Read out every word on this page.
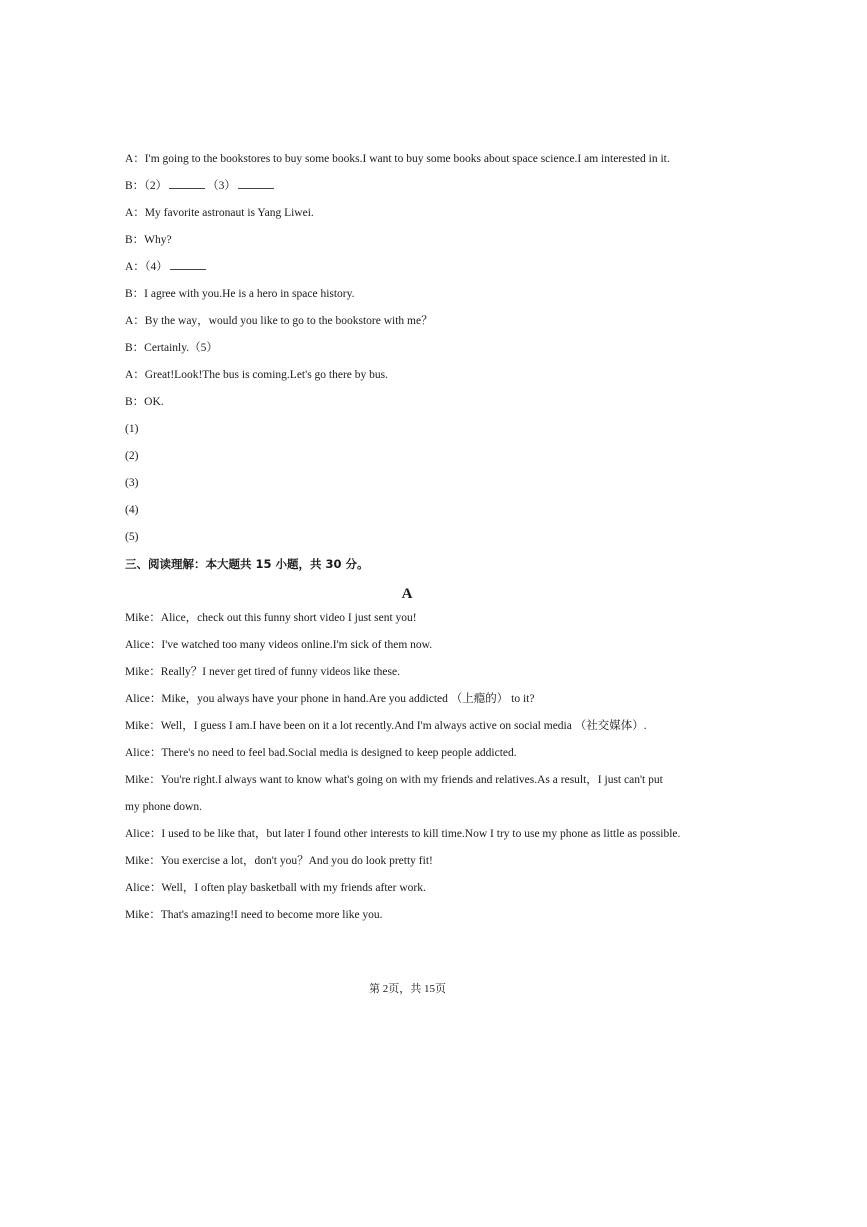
A：I'm going to the bookstores to buy some books.I want to buy some books about space science.I am interested in it.
B：（2）	（3）
A：My favorite astronaut is Yang Liwei.
B：Why?
A：（4）
B：I agree with you.He is a hero in space history.
A：By the way，would you like to go to the bookstore with me？
B：Certainly.（5）
A：Great!Look!The bus is coming.Let's go there by bus.
B：OK.
(1)
(2)
(3)
(4)
(5)
三、阅读理解：本大题共 15 小题，共 30 分。
A
Mike：Alice，check out this funny short video I just sent you!
Alice：I've watched too many videos online.I'm sick of them now.
Mike：Really？I never get tired of funny videos like these.
Alice：Mike，you always have your phone in hand.Are you addicted （上瘾的） to it?
Mike：Well，I guess I am.I have been on it a lot recently.And I'm always active on social media （社交媒体）.
Alice：There's no need to feel bad.Social media is designed to keep people addicted.
Mike：You're right.I always want to know what's going on with my friends and relatives.As a result，I just can't put
my phone down.
Alice：I used to be like that，but later I found other interests to kill time.Now I try to use my phone as little as possible.
Mike：You exercise a lot，don't you？And you do look pretty fit!
Alice：Well，I often play basketball with my friends after work.
Mike：That's amazing!I need to become more like you.
第 2页，共 15页
